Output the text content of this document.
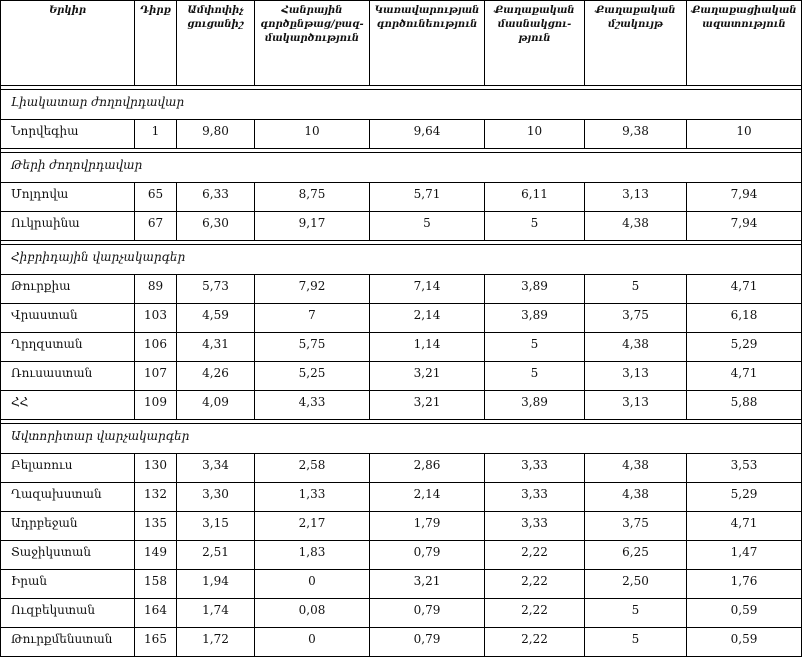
Երկիր	Դիրք	Ամփոփիչ ցուցանիշ	Հանրային
գործընթաց/բազ-
մակարծություն	Կառավարության
գործունեություն	Քաղաքական
մասնակցու-
թյուն	Քաղաքական
մշակույթ	Քաղաքացիական
ազատություն

Լիակատար ժողովրդավար							
Նորվեգիա	1	9,80	10	9,64	10	9,38	10

Թերի ժողովրդավար							
Մոլդովա	65	6,33	8,75	5,71	6,11	3,13	7,94
Ուկրաինա	67	6,30	9,17	5	5	4,38	7,94

Հիբրիդային վարչակարգեր							
Թուրքիա	89	5,73	7,92	7,14	3,89	5	4,71
Վրաստան	103	4,59	7	2,14	3,89	3,75	6,18
Ղրղզստան	106	4,31	5,75	1,14	5	4,38	5,29
Ռուսաստան	107	4,26	5,25	3,21	5	3,13	4,71
ՀՀ	109	4,09	4,33	3,21	3,89	3,13	5,88

Ավտորիտար վարչակարգեր							
Բելառուս	130	3,34	2,58	2,86	3,33	4,38	3,53
Ղազախստան	132	3,30	1,33	2,14	3,33	4,38	5,29
Ադրբեջան	135	3,15	2,17	1,79	3,33	3,75	4,71
Տաջիկստան	149	2,51	1,83	0,79	2,22	6,25	1,47
Իրան	158	1,94	0	3,21	2,22	2,50	1,76
Ուզբեկստան	164	1,74	0,08	0,79	2,22	5	0,59
Թուրքմենստան	165	1,72	0	0,79	2,22	5	0,59
